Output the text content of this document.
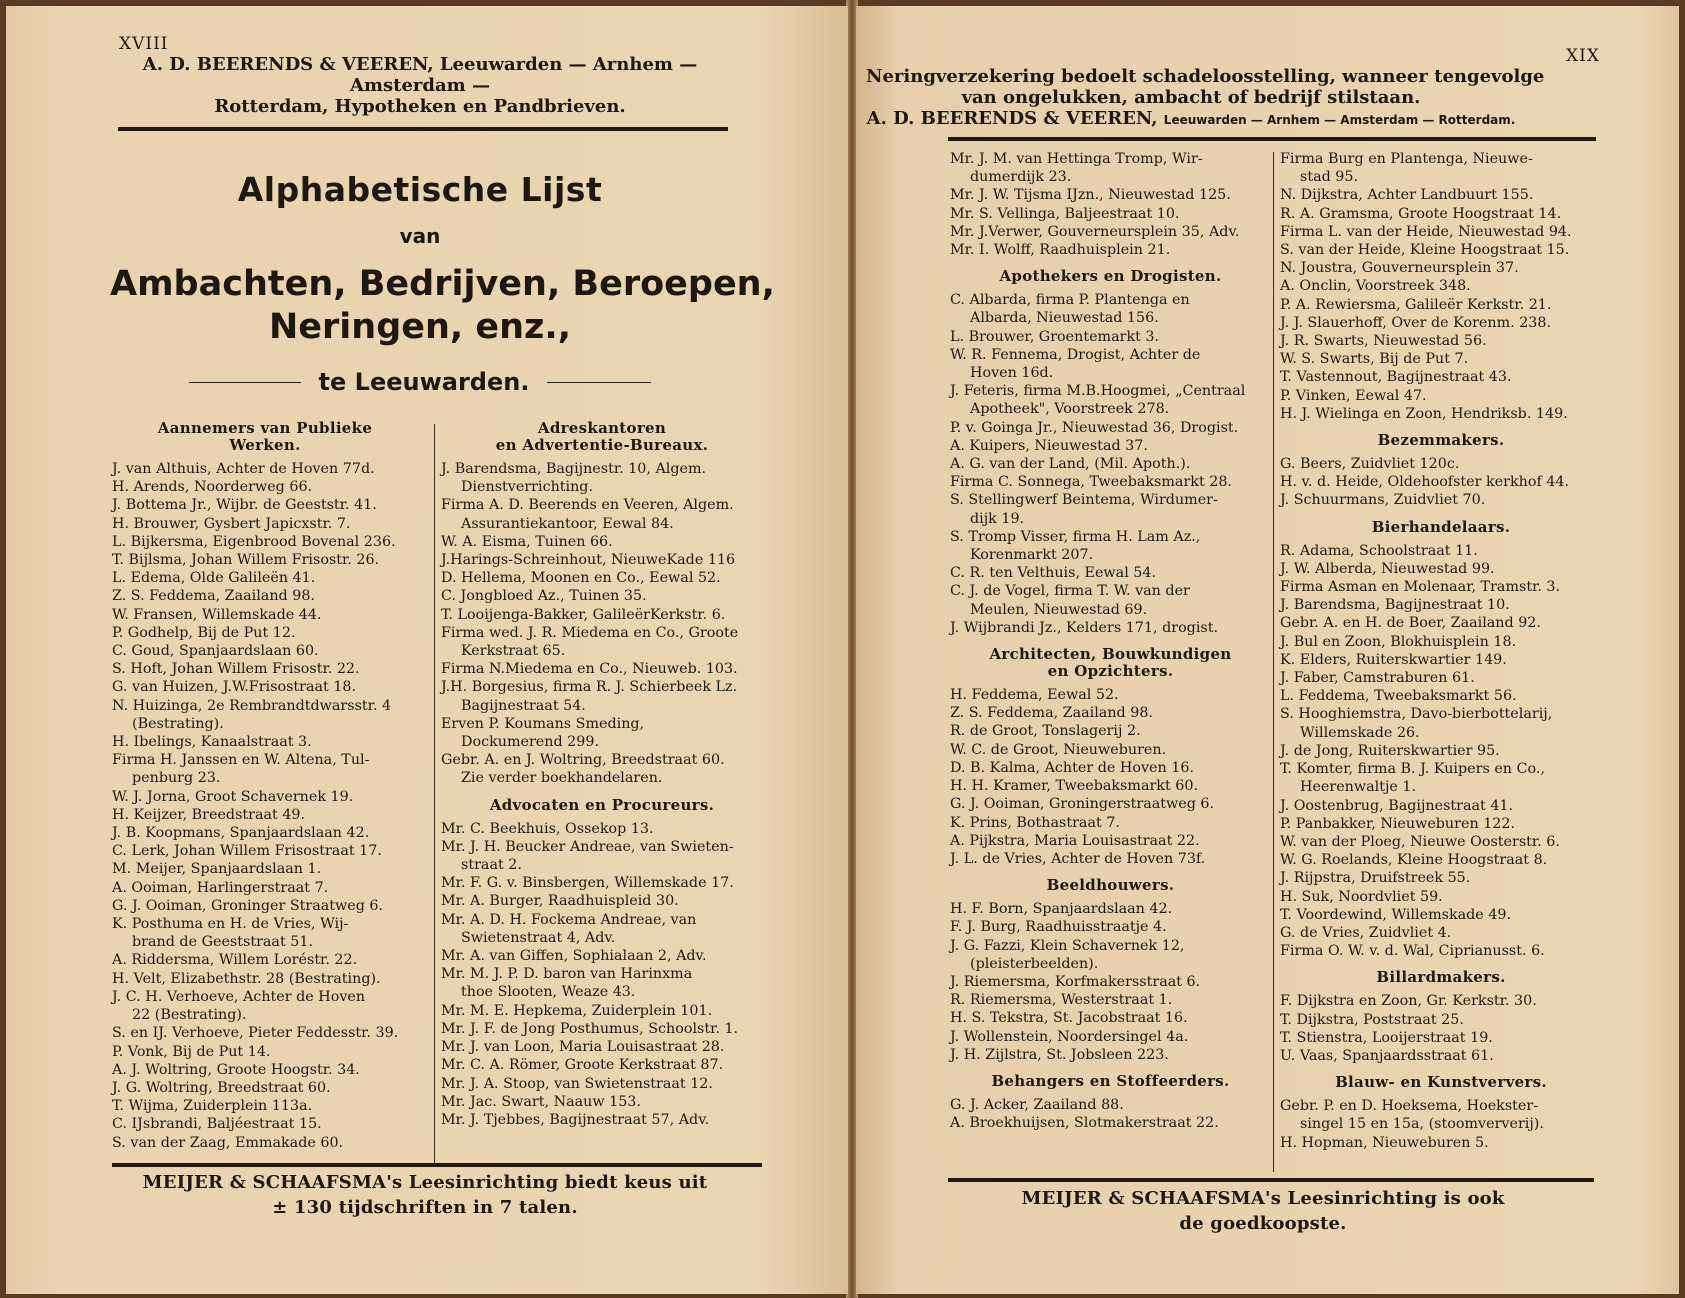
XVIII
A. D. BEERENDS & VEEREN, Leeuwarden — Arnhem — Amsterdam —
Rotterdam, Hypotheken en Pandbrieven.
Alphabetische Lijst
van
Ambachten, Bedrijven, Beroepen,
Neringen, enz.,
te Leeuwarden.
Aannemers van Publieke
Werken.
J. van Althuis, Achter de Hoven 77d.
H. Arends, Noorderweg 66.
J. Bottema Jr., Wijbr. de Geeststr. 41.
H. Brouwer, Gysbert Japicxstr. 7.
L. Bijkersma, Eigenbrood Bovenal 236.
T. Bijlsma, Johan Willem Frisostr. 26.
L. Edema, Olde Galileën 41.
Z. S. Feddema, Zaailand 98.
W. Fransen, Willemskade 44.
P. Godhelp, Bij de Put 12.
C. Goud, Spanjaardslaan 60.
S. Hoft, Johan Willem Frisostr. 22.
G. van Huizen, J.W.Frisostraat 18.
N. Huizinga, 2e Rembrandtdwarsstr. 4
(Bestrating).
H. Ibelings, Kanaalstraat 3.
Firma H. Janssen en W. Altena, Tul-
penburg 23.
W. J. Jorna, Groot Schavernek 19.
H. Keijzer, Breedstraat 49.
J. B. Koopmans, Spanjaardslaan 42.
C. Lerk, Johan Willem Frisostraat 17.
M. Meijer, Spanjaardslaan 1.
A. Ooiman, Harlingerstraat 7.
G. J. Ooiman, Groninger Straatweg 6.
K. Posthuma en H. de Vries, Wij-
brand de Geeststraat 51.
A. Riddersma, Willem Loréstr. 22.
H. Velt, Elizabethstr. 28 (Bestrating).
J. C. H. Verhoeve, Achter de Hoven
22 (Bestrating).
S. en IJ. Verhoeve, Pieter Feddesstr. 39.
P. Vonk, Bij de Put 14.
A. J. Woltring, Groote Hoogstr. 34.
J. G. Woltring, Breedstraat 60.
T. Wijma, Zuiderplein 113a.
C. IJsbrandi, Baljéestraat 15.
S. van der Zaag, Emmakade 60.
Adreskantoren
en Advertentie-Bureaux.
J. Barendsma, Bagijnestr. 10, Algem.
Dienstverrichting.
Firma A. D. Beerends en Veeren, Algem.
Assurantiekantoor, Eewal 84.
W. A. Eisma, Tuinen 66.
J.Harings-Schreinhout, NieuweKade 116
D. Hellema, Moonen en Co., Eewal 52.
C. Jongbloed Az., Tuinen 35.
T. Looijenga-Bakker, GalileërKerkstr. 6.
Firma wed. J. R. Miedema en Co., Groote
Kerkstraat 65.
Firma N.Miedema en Co., Nieuweb. 103.
J.H. Borgesius, firma R. J. Schierbeek Lz.
Bagijnestraat 54.
Erven P. Koumans Smeding,
Dockumerend 299.
Gebr. A. en J. Woltring, Breedstraat 60.
Zie verder boekhandelaren.
Advocaten en Procureurs.
Mr. C. Beekhuis, Ossekop 13.
Mr. J. H. Beucker Andreae, van Swieten-
straat 2.
Mr. F. G. v. Binsbergen, Willemskade 17.
Mr. A. Burger, Raadhuispleid 30.
Mr. A. D. H. Fockema Andreae, van
Swietenstraat 4, Adv.
Mr. A. van Giffen, Sophialaan 2, Adv.
Mr. M. J. P. D. baron van Harinxma
thoe Slooten, Weaze 43.
Mr. M. E. Hepkema, Zuiderplein 101.
Mr. J. F. de Jong Posthumus, Schoolstr. 1.
Mr. J. van Loon, Maria Louisastraat 28.
Mr. C. A. Römer, Groote Kerkstraat 87.
Mr. J. A. Stoop, van Swietenstraat 12.
Mr. Jac. Swart, Naauw 153.
Mr. J. Tjebbes, Bagijnestraat 57, Adv.
MEIJER & SCHAAFSMA's Leesinrichting biedt keus uit
± 130 tijdschriften in 7 talen.
XIX
Neringverzekering bedoelt schadeloosstelling, wanneer tengevolge
van ongelukken, ambacht of bedrijf stilstaan.
A. D. BEERENDS & VEEREN, Leeuwarden — Arnhem — Amsterdam — Rotterdam.
Mr. J. M. van Hettinga Tromp, Wir-
dumerdijk 23.
Mr. J. W. Tijsma IJzn., Nieuwestad 125.
Mr. S. Vellinga, Baljeestraat 10.
Mr. J.Verwer, Gouverneursplein 35, Adv.
Mr. I. Wolff, Raadhuisplein 21.
Apothekers en Drogisten.
C. Albarda, firma P. Plantenga en
Albarda, Nieuwestad 156.
L. Brouwer, Groentemarkt 3.
W. R. Fennema, Drogist, Achter de
Hoven 16d.
J. Feteris, firma M.B.Hoogmei, „Centraal
Apotheek", Voorstreek 278.
P. v. Goinga Jr., Nieuwestad 36, Drogist.
A. Kuipers, Nieuwestad 37.
A. G. van der Land, (Mil. Apoth.).
Firma C. Sonnega, Tweebaksmarkt 28.
S. Stellingwerf Beintema, Wirdumer-
dijk 19.
S. Tromp Visser, firma H. Lam Az.,
Korenmarkt 207.
C. R. ten Velthuis, Eewal 54.
C. J. de Vogel, firma T. W. van der
Meulen, Nieuwestad 69.
J. Wijbrandi Jz., Kelders 171, drogist.
Architecten, Bouwkundigen
en Opzichters.
H. Feddema, Eewal 52.
Z. S. Feddema, Zaailand 98.
R. de Groot, Tonslagerij 2.
W. C. de Groot, Nieuweburen.
D. B. Kalma, Achter de Hoven 16.
H. H. Kramer, Tweebaksmarkt 60.
G. J. Ooiman, Groningerstraatweg 6.
K. Prins, Bothastraat 7.
A. Pijkstra, Maria Louisastraat 22.
J. L. de Vries, Achter de Hoven 73f.
Beeldhouwers.
H. F. Born, Spanjaardslaan 42.
F. J. Burg, Raadhuisstraatje 4.
J. G. Fazzi, Klein Schavernek 12,
(pleisterbeelden).
J. Riemersma, Korfmakersstraat 6.
R. Riemersma, Westerstraat 1.
H. S. Tekstra, St. Jacobstraat 16.
J. Wollenstein, Noordersingel 4a.
J. H. Zijlstra, St. Jobsleen 223.
Behangers en Stoffeerders.
G. J. Acker, Zaailand 88.
A. Broekhuijsen, Slotmakerstraat 22.
Firma Burg en Plantenga, Nieuwe-
stad 95.
N. Dijkstra, Achter Landbuurt 155.
R. A. Gramsma, Groote Hoogstraat 14.
Firma L. van der Heide, Nieuwestad 94.
S. van der Heide, Kleine Hoogstraat 15.
N. Joustra, Gouverneursplein 37.
A. Onclin, Voorstreek 348.
P. A. Rewiersma, Galileër Kerkstr. 21.
J. J. Slauerhoff, Over de Korenm. 238.
J. R. Swarts, Nieuwestad 56.
W. S. Swarts, Bij de Put 7.
T. Vastennout, Bagijnestraat 43.
P. Vinken, Eewal 47.
H. J. Wielinga en Zoon, Hendriksb. 149.
Bezemmakers.
G. Beers, Zuidvliet 120c.
H. v. d. Heide, Oldehoofster kerkhof 44.
J. Schuurmans, Zuidvliet 70.
Bierhandelaars.
R. Adama, Schoolstraat 11.
J. W. Alberda, Nieuwestad 99.
Firma Asman en Molenaar, Tramstr. 3.
J. Barendsma, Bagijnestraat 10.
Gebr. A. en H. de Boer, Zaailand 92.
J. Bul en Zoon, Blokhuisplein 18.
K. Elders, Ruiterskwartier 149.
J. Faber, Camstraburen 61.
L. Feddema, Tweebaksmarkt 56.
S. Hooghiemstra, Davo-bierbottelarij,
Willemskade 26.
J. de Jong, Ruiterskwartier 95.
T. Komter, firma B. J. Kuipers en Co.,
Heerenwaltje 1.
J. Oostenbrug, Bagijnestraat 41.
P. Panbakker, Nieuweburen 122.
W. van der Ploeg, Nieuwe Oosterstr. 6.
W. G. Roelands, Kleine Hoogstraat 8.
J. Rijpstra, Druifstreek 55.
H. Suk, Noordvliet 59.
T. Voordewind, Willemskade 49.
G. de Vries, Zuidvliet 4.
Firma O. W. v. d. Wal, Ciprianusst. 6.
Billardmakers.
F. Dijkstra en Zoon, Gr. Kerkstr. 30.
T. Dijkstra, Poststraat 25.
T. Stienstra, Looijerstraat 19.
U. Vaas, Spanjaardsstraat 61.
Blauw- en Kunstververs.
Gebr. P. en D. Hoeksema, Hoekster-
singel 15 en 15a, (stoomververij).
H. Hopman, Nieuweburen 5.
MEIJER & SCHAAFSMA's Leesinrichting is ook
de goedkoopste.
